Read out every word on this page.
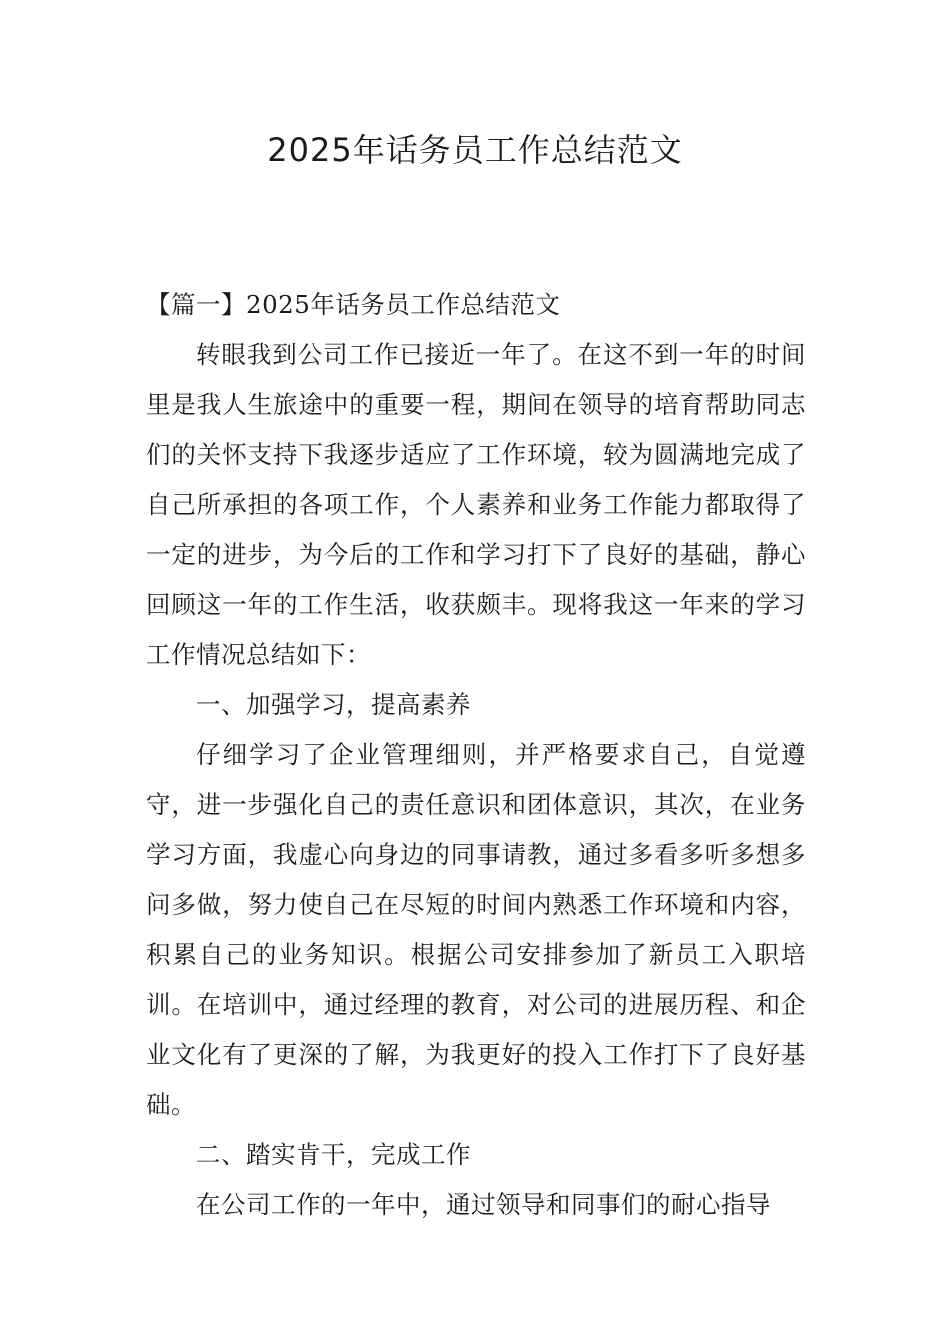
2025年话务员工作总结范文

【篇一】2025年话务员工作总结范文

转眼我到公司工作已接近一年了。在这不到一年的时间里是我人生旅途中的重要一程，期间在领导的培育帮助同志们的关怀支持下我逐步适应了工作环境，较为圆满地完成了自己所承担的各项工作，个人素养和业务工作能力都取得了一定的进步，为今后的工作和学习打下了良好的基础，静心回顾这一年的工作生活，收获颇丰。现将我这一年来的学习工作情况总结如下：

一、加强学习，提高素养

仔细学习了企业管理细则，并严格要求自己，自觉遵守，进一步强化自己的责任意识和团体意识，其次，在业务学习方面，我虚心向身边的同事请教，通过多看多听多想多问多做，努力使自己在尽短的时间内熟悉工作环境和内容，积累自己的业务知识。根据公司安排参加了新员工入职培训。在培训中，通过经理的教育，对公司的进展历程、和企业文化有了更深的了解，为我更好的投入工作打下了良好基础。

二、踏实肯干，完成工作

在公司工作的一年中，通过领导和同事们的耐心指导
